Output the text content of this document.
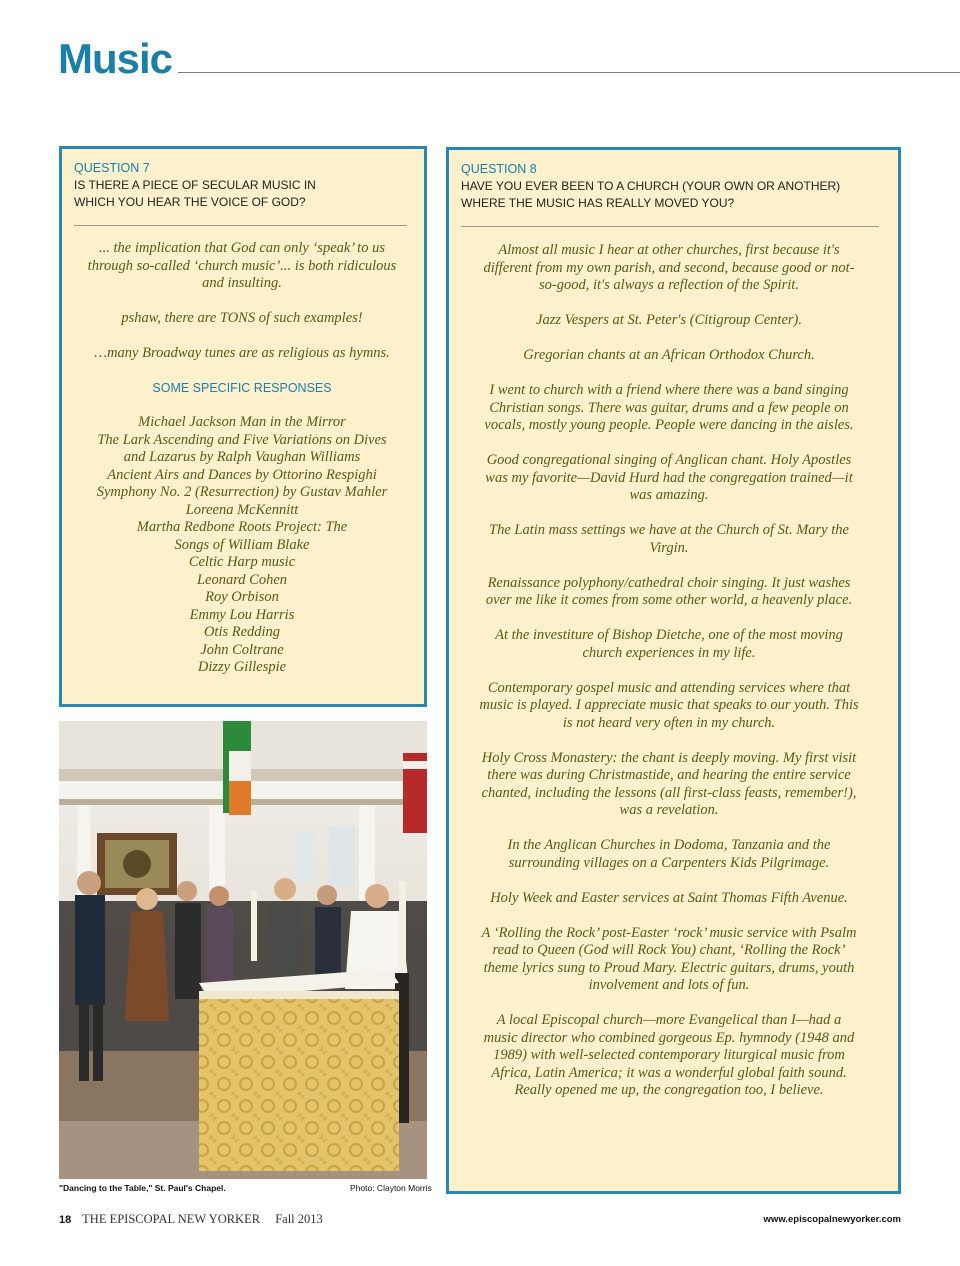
Music
QUESTION 7

IS THERE A PIECE OF SECULAR MUSIC IN WHICH YOU HEAR THE VOICE OF GOD?

... the implication that God can only ‘speak’ to us through so-called ‘church music’... is both ridiculous and insulting.

pshaw, there are TONS of such examples!

…many Broadway tunes are as religious as hymns.

SOME SPECIFIC RESPONSES

Michael Jackson Man in the Mirror
The Lark Ascending and Five Variations on Dives and Lazarus by Ralph Vaughan Williams
Ancient Airs and Dances by Ottorino Respighi
Symphony No. 2 (Resurrection) by Gustav Mahler
Loreena McKennitt
Martha Redbone Roots Project: The Songs of William Blake
Celtic Harp music
Leonard Cohen
Roy Orbison
Emmy Lou Harris
Otis Redding
John Coltrane
Dizzy Gillespie

"Dancing to the Table," St. Paul's Chapel.	Photo: Clayton Morris

QUESTION 8

HAVE YOU EVER BEEN TO A CHURCH (YOUR OWN OR ANOTHER) WHERE THE MUSIC HAS REALLY MOVED YOU?

Almost all music I hear at other churches, first because it's different from my own parish, and second, because good or not-so-good, it's always a reflection of the Spirit.

Jazz Vespers at St. Peter's (Citigroup Center).

Gregorian chants at an African Orthodox Church.

I went to church with a friend where there was a band singing Christian songs. There was guitar, drums and a few people on vocals, mostly young people. People were dancing in the aisles.

Good congregational singing of Anglican chant. Holy Apostles was my favorite—David Hurd had the congregation trained—it was amazing.

The Latin mass settings we have at the Church of St. Mary the Virgin.

Renaissance polyphony/cathedral choir singing. It just washes over me like it comes from some other world, a heavenly place.

At the investiture of Bishop Dietche, one of the most moving church experiences in my life.

Contemporary gospel music and attending services where that music is played. I appreciate music that speaks to our youth. This is not heard very often in my church.

Holy Cross Monastery: the chant is deeply moving. My first visit there was during Christmastide, and hearing the entire service chanted, including the lessons (all first-class feasts, remember!), was a revelation.

In the Anglican Churches in Dodoma, Tanzania and the surrounding villages on a Carpenters Kids Pilgrimage.

Holy Week and Easter services at Saint Thomas Fifth Avenue.

A ‘Rolling the Rock’ post-Easter ‘rock’ music service with Psalm read to Queen (God will Rock You) chant, ‘Rolling the Rock’ theme lyrics sung to Proud Mary. Electric guitars, drums, youth involvement and lots of fun.

A local Episcopal church—more Evangelical than I—had a music director who combined gorgeous Ep. hymnody (1948 and 1989) with well-selected contemporary liturgical music from Africa, Latin America; it was a wonderful global faith sound. Really opened me up, the congregation too, I believe.

18 THE EPISCOPAL NEW YORKER Fall 2013	www.episcopalnewyorker.com
